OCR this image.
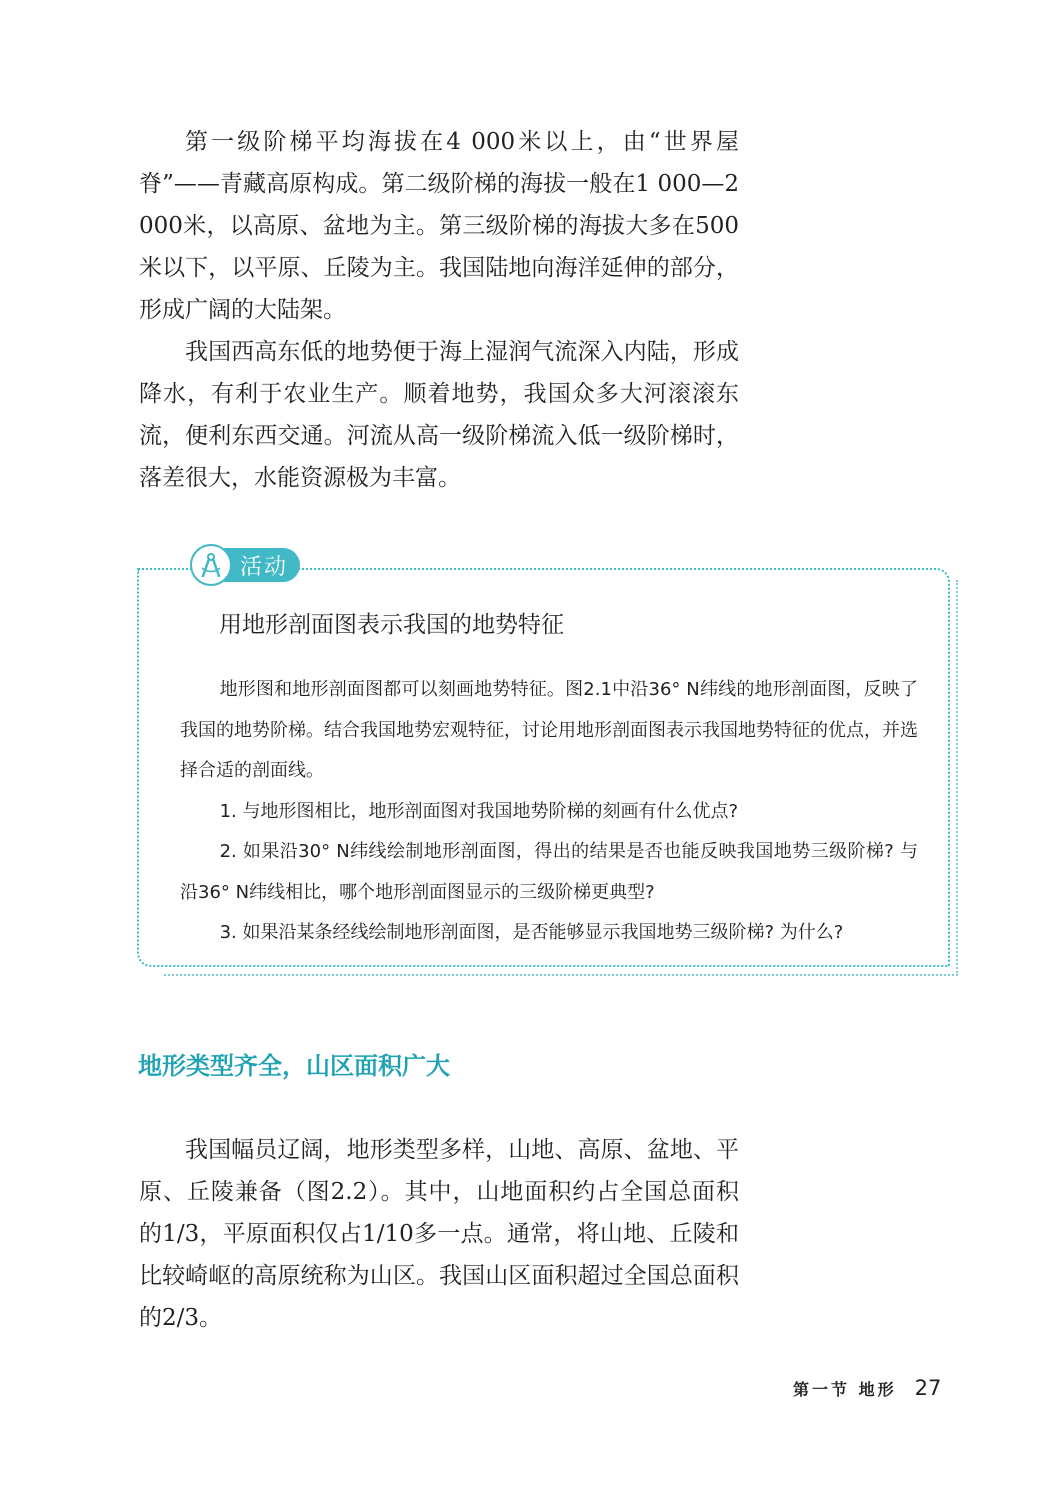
第一级阶梯平均海拔在4 000米以上，由“世界屋脊”——青藏高原构成。第二级阶梯的海拔一般在1 000—2 000米，以高原、盆地为主。第三级阶梯的海拔大多在500米以下，以平原、丘陵为主。我国陆地向海洋延伸的部分，形成广阔的大陆架。

我国西高东低的地势便于海上湿润气流深入内陆，形成降水，有利于农业生产。顺着地势，我国众多大河滚滚东流，便利东西交通。河流从高一级阶梯流入低一级阶梯时，落差很大，水能资源极为丰富。

活动
用地形剖面图表示我国的地势特征

地形图和地形剖面图都可以刻画地势特征。图2.1中沿36° N纬线的地形剖面图，反映了我国的地势阶梯。结合我国地势宏观特征，讨论用地形剖面图表示我国地势特征的优点，并选择合适的剖面线。

1. 与地形图相比，地形剖面图对我国地势阶梯的刻画有什么优点?

2. 如果沿30° N纬线绘制地形剖面图，得出的结果是否也能反映我国地势三级阶梯? 与沿36° N纬线相比，哪个地形剖面图显示的三级阶梯更典型?

3. 如果沿某条经线绘制地形剖面图，是否能够显示我国地势三级阶梯? 为什么?

地形类型齐全，山区面积广大

我国幅员辽阔，地形类型多样，山地、高原、盆地、平原、丘陵兼备（图2.2）。其中，山地面积约占全国总面积的1/3，平原面积仅占1/10多一点。通常，将山地、丘陵和比较崎岖的高原统称为山区。我国山区面积超过全国总面积的2/3。

第一节 地形 27
